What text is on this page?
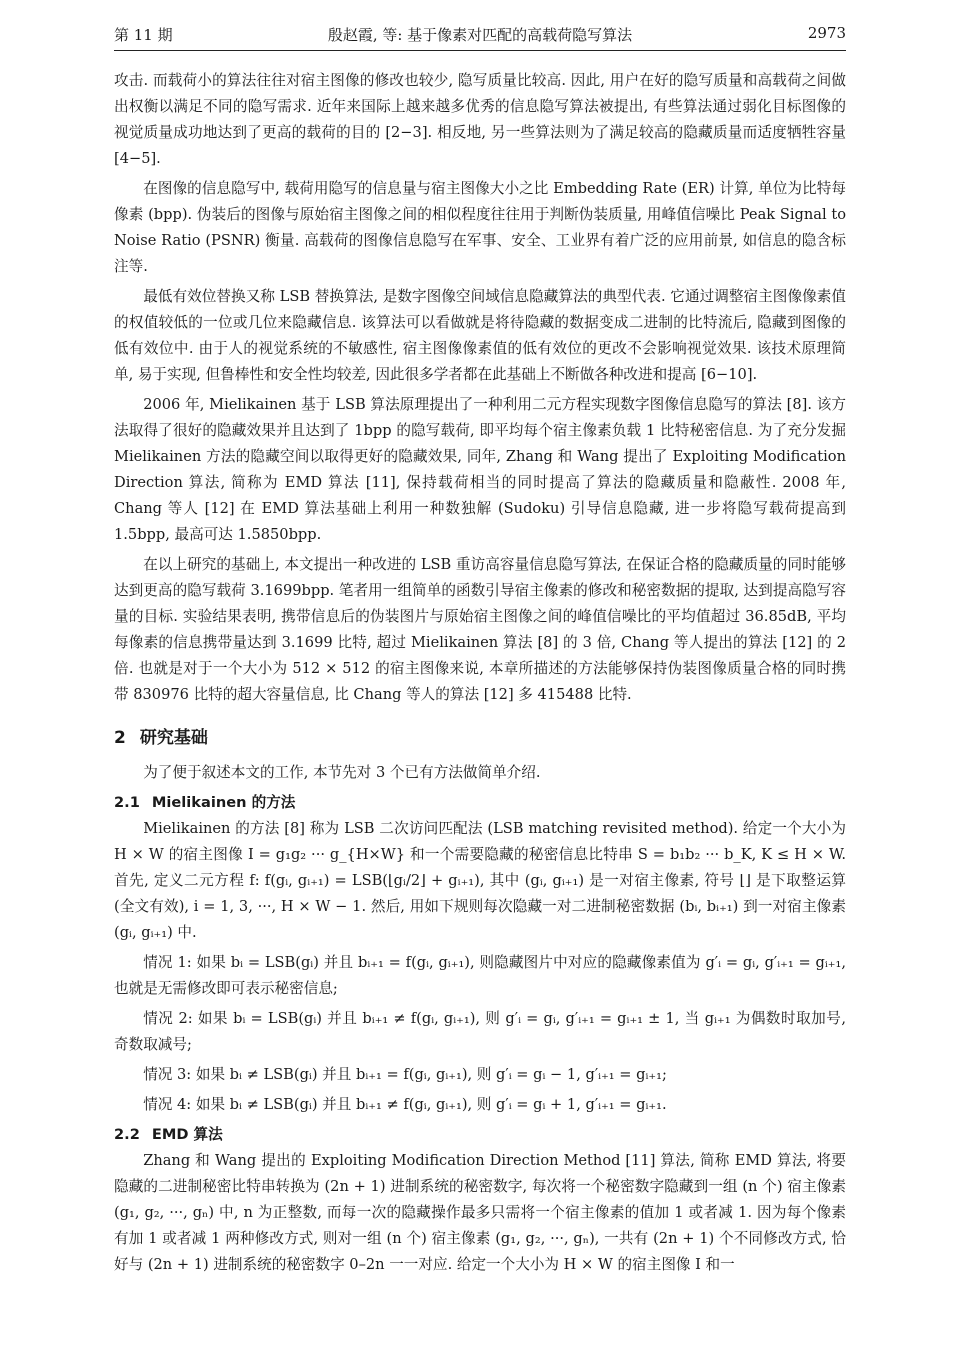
第 11 期	殷赵霞, 等: 基于像素对匹配的高载荷隐写算法	2973

攻击. 而载荷小的算法往往对宿主图像的修改也较少, 隐写质量比较高. 因此, 用户在好的隐写质量和高载荷之间做出权衡以满足不同的隐写需求. 近年来国际上越来越多优秀的信息隐写算法被提出, 有些算法通过弱化目标图像的视觉质量成功地达到了更高的载荷的目的 [2−3]. 相反地, 另一些算法则为了满足较高的隐藏质量而适度牺牲容量 [4−5].

在图像的信息隐写中, 载荷用隐写的信息量与宿主图像大小之比 Embedding Rate (ER) 计算, 单位为比特每像素 (bpp). 伪装后的图像与原始宿主图像之间的相似程度往往用于判断伪装质量, 用峰值信噪比 Peak Signal to Noise Ratio (PSNR) 衡量. 高载荷的图像信息隐写在军事、安全、工业界有着广泛的应用前景, 如信息的隐含标注等.

最低有效位替换又称 LSB 替换算法, 是数字图像空间域信息隐藏算法的典型代表. 它通过调整宿主图像像素值的权值较低的一位或几位来隐藏信息. 该算法可以看做就是将待隐藏的数据变成二进制的比特流后, 隐藏到图像的低有效位中. 由于人的视觉系统的不敏感性, 宿主图像像素值的低有效位的更改不会影响视觉效果. 该技术原理简单, 易于实现, 但鲁棒性和安全性均较差, 因此很多学者都在此基础上不断做各种改进和提高 [6−10].

2006 年, Mielikainen 基于 LSB 算法原理提出了一种利用二元方程实现数字图像信息隐写的算法 [8]. 该方法取得了很好的隐藏效果并且达到了 1bpp 的隐写载荷, 即平均每个宿主像素负载 1 比特秘密信息. 为了充分发掘 Mielikainen 方法的隐藏空间以取得更好的隐藏效果, 同年, Zhang 和 Wang 提出了 Exploiting Modification Direction 算法, 简称为 EMD 算法 [11], 保持载荷相当的同时提高了算法的隐藏质量和隐蔽性. 2008 年, Chang 等人 [12] 在 EMD 算法基础上利用一种数独解 (Sudoku) 引导信息隐藏, 进一步将隐写载荷提高到 1.5bpp, 最高可达 1.5850bpp.

在以上研究的基础上, 本文提出一种改进的 LSB 重访高容量信息隐写算法, 在保证合格的隐藏质量的同时能够达到更高的隐写载荷 3.1699bpp. 笔者用一组简单的函数引导宿主像素的修改和秘密数据的提取, 达到提高隐写容量的目标. 实验结果表明, 携带信息后的伪装图片与原始宿主图像之间的峰值信噪比的平均值超过 36.85dB, 平均每像素的信息携带量达到 3.1699 比特, 超过 Mielikainen 算法 [8] 的 3 倍, Chang 等人提出的算法 [12] 的 2 倍. 也就是对于一个大小为 512 × 512 的宿主图像来说, 本章所描述的方法能够保持伪装图像质量合格的同时携带 830976 比特的超大容量信息, 比 Chang 等人的算法 [12] 多 415488 比特.

2 研究基础

为了便于叙述本文的工作, 本节先对 3 个已有方法做简单介绍.

2.1 Mielikainen 的方法

Mielikainen 的方法 [8] 称为 LSB 二次访问匹配法 (LSB matching revisited method). 给定一个大小为 H × W 的宿主图像 I = g₁g₂ ··· g_{H×W} 和一个需要隐藏的秘密信息比特串 S = b₁b₂ ··· b_K, K ≤ H × W. 首先, 定义二元方程 f: f(gᵢ, gᵢ₊₁) = LSB(⌊gᵢ/2⌋ + gᵢ₊₁), 其中 (gᵢ, gᵢ₊₁) 是一对宿主像素, 符号 ⌊⌋ 是下取整运算 (全文有效), i = 1, 3, ···, H × W − 1. 然后, 用如下规则每次隐藏一对二进制秘密数据 (bᵢ, bᵢ₊₁) 到一对宿主像素 (gᵢ, gᵢ₊₁) 中.

情况 1: 如果 bᵢ = LSB(gᵢ) 并且 bᵢ₊₁ = f(gᵢ, gᵢ₊₁), 则隐藏图片中对应的隐藏像素值为 g′ᵢ = gᵢ, g′ᵢ₊₁ = gᵢ₊₁, 也就是无需修改即可表示秘密信息;

情况 2: 如果 bᵢ = LSB(gᵢ) 并且 bᵢ₊₁ ≠ f(gᵢ, gᵢ₊₁), 则 g′ᵢ = gᵢ, g′ᵢ₊₁ = gᵢ₊₁ ± 1, 当 gᵢ₊₁ 为偶数时取加号, 奇数取减号;

情况 3: 如果 bᵢ ≠ LSB(gᵢ) 并且 bᵢ₊₁ = f(gᵢ, gᵢ₊₁), 则 g′ᵢ = gᵢ − 1, g′ᵢ₊₁ = gᵢ₊₁;

情况 4: 如果 bᵢ ≠ LSB(gᵢ) 并且 bᵢ₊₁ ≠ f(gᵢ, gᵢ₊₁), 则 g′ᵢ = gᵢ + 1, g′ᵢ₊₁ = gᵢ₊₁.

2.2 EMD 算法

Zhang 和 Wang 提出的 Exploiting Modification Direction Method [11] 算法, 简称 EMD 算法, 将要隐藏的二进制秘密比特串转换为 (2n + 1) 进制系统的秘密数字, 每次将一个秘密数字隐藏到一组 (n 个) 宿主像素 (g₁, g₂, ···, gₙ) 中, n 为正整数, 而每一次的隐藏操作最多只需将一个宿主像素的值加 1 或者减 1. 因为每个像素有加 1 或者减 1 两种修改方式, 则对一组 (n 个) 宿主像素 (g₁, g₂, ···, gₙ), 一共有 (2n + 1) 个不同修改方式, 恰好与 (2n + 1) 进制系统的秘密数字 0–2n 一一对应. 给定一个大小为 H × W 的宿主图像 I 和一
